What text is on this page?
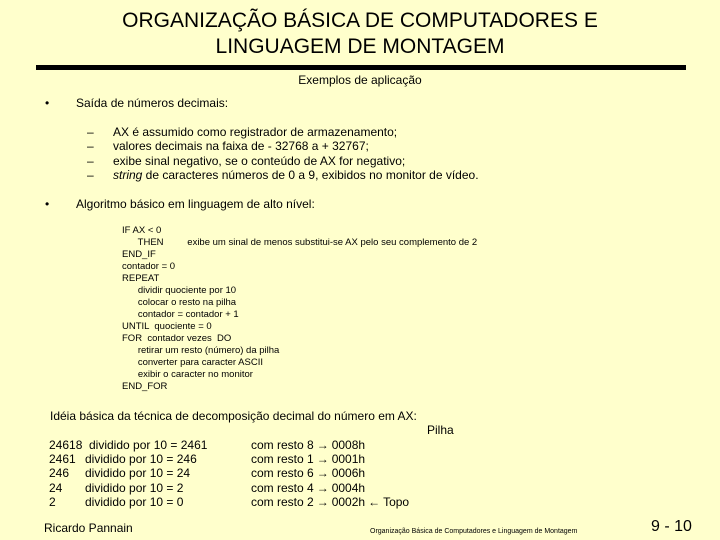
ORGANIZAÇÃO BÁSICA DE COMPUTADORES E
LINGUAGEM DE MONTAGEM
Exemplos de aplicação
• Saída de números decimais:
– AX é assumido como registrador de armazenamento;
– valores decimais na faixa de - 32768 a + 32767;
– exibe sinal negativo, se o conteúdo de AX for negativo;
– string de caracteres números de 0 a 9, exibidos no monitor de vídeo.
• Algoritmo básico em linguagem de alto nível:
IF AX < 0
THEN         exibe um sinal de menos substitui-se AX pelo seu complemento de 2
END_IF
contador = 0
REPEAT
dividir quociente por 10
colocar o resto na pilha
contador = contador + 1
UNTIL  quociente = 0
FOR  contador vezes  DO
retirar um resto (número) da pilha
converter para caracter ASCII
exibir o caracter no monitor
END_FOR
Idéia básica da técnica de decomposição decimal do número em AX:
Pilha
24618 dividido por 10 = 2461	com resto 8 → 0008h
2461 dividido por 10 = 246	com resto 1 → 0001h
246 dividido por 10 = 24	com resto 6 → 0006h
24 dividido por 10 = 2	com resto 4 → 0004h
2 dividido por 10 = 0	com resto 2 → 0002h ← Topo
Ricardo Pannain	Organização Básica de Computadores e Linguagem de Montagem	9 - 10
